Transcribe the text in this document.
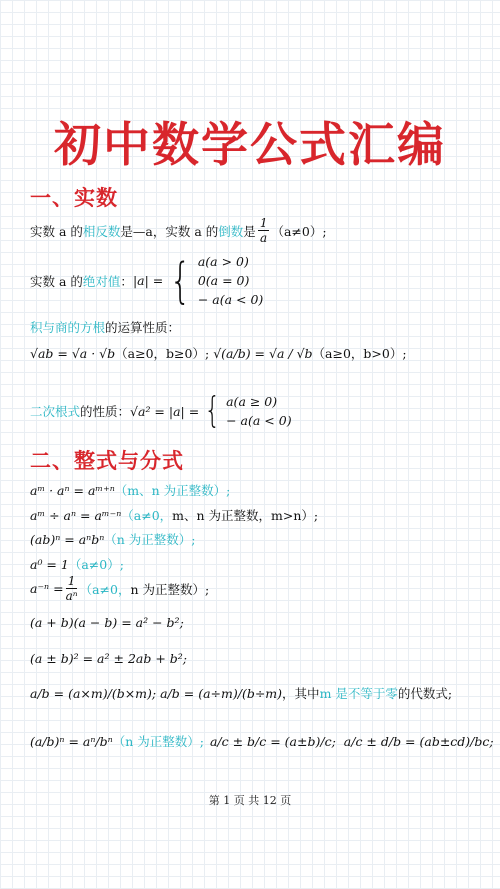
初中数学公式汇编
一、实数
实数 a 的 相反数 是—a，实数 a 的 倒数 是 $\frac{1}{a} (a\ne 0)$;
实数 a 的 绝对值 ： |a| = { a(a > 0)
0(a = 0)
− a(a < 0)
积与商的方根 的运算性质：
√ab = √a · √b （a≥0，b≥0）; √(a/b) = √a / √b （a≥0，b>0）;
二次根式 的性质： √a² = |a| = { a(a ≥ 0)
− a(a < 0)
二、整式与分式
aᵐ · aⁿ = aᵐ⁺ⁿ （m、n 为正整数）;
aᵐ ÷ aⁿ = aᵐ⁻ⁿ （a≠0， m、n 为正整数，m>n）;
(ab)ⁿ = aⁿbⁿ （n 为正整数）;
a⁰ = 1 （a≠0）;
$a^{-n} = \frac{1}{\text{aⁿ}} (a\ne 0$， n 为正整数）;
(a + b)(a − b) = a² − b²;
(a ± b)² = a² ± 2ab + b²;
a/b = (a×m)/(b×m); a/b = (a÷m)/(b÷m) ，其中 m 是不等于零 的代数式;
(a/b)ⁿ = aⁿ/bⁿ （n 为正整数）; a/c ± b/c = (a±b)/c; a/c ± d/b = (ab±cd)/bc;
第 1 页 共 12 页
